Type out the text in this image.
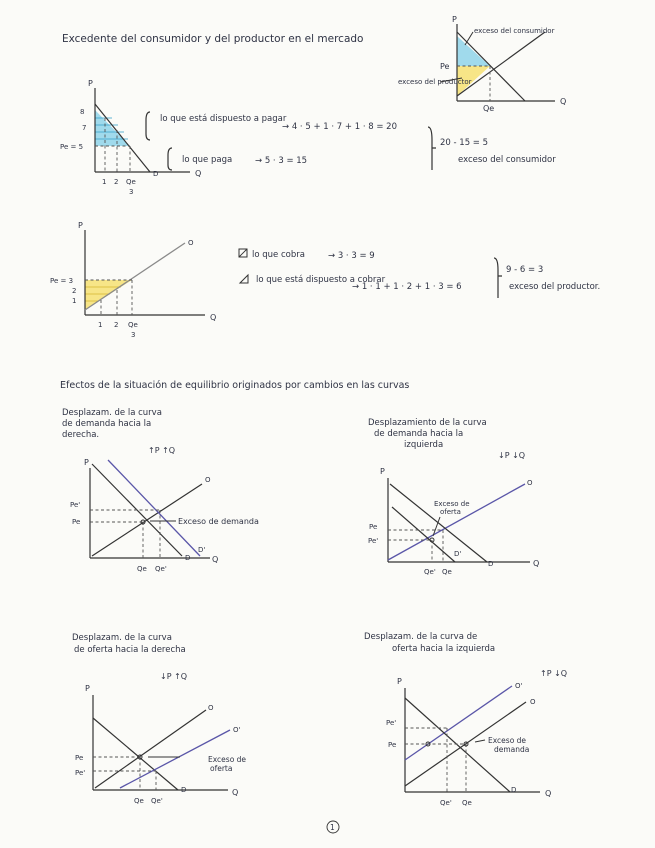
Excedente del consumidor y del productor en el mercado
P
Q
Pe
Qe
exceso del consumidor
exceso del productor
P
Q
D
8
7
Pe = 5
1 2 Qe
3
lo que está dispuesto a pagar
→ 4 · 5 + 1 · 7 + 1 · 8 = 20
lo que paga	→ 5 · 3 = 15
20 - 15 = 5
exceso del consumidor
P
Q
O
Pe = 3
2
1
1 2 Qe
3
lo que cobra	→ 3 · 3 = 9
lo que está dispuesto a cobrar
→ 1 · 1 + 1 · 2 + 1 · 3 = 6
9 - 6 = 3
exceso del productor.
Efectos de la situación de equilibrio originados por cambios en las curvas
Desplazam. de la curva de demanda hacia la derecha.
↑P ↑Q
P
Q
O
D
D'
Pe'
Pe
Qe Qe'
Exceso de demanda
Desplazamiento de la curva de demanda hacia la izquierda
↓P ↓Q
P
Q
O
D
D'
Pe
Pe'
Qe' Qe
Exceso de oferta
Desplazam. de la curva de oferta hacia la derecha
↓P ↑Q
P
Q
O
O'
D
Pe
Pe'
Qe Qe'
Exceso de oferta
Desplazam. de la curva de oferta hacia la izquierda
↑P ↓Q
P
Q
O
O'
D
Pe'
Pe
Qe' Qe
Exceso de demanda
1
